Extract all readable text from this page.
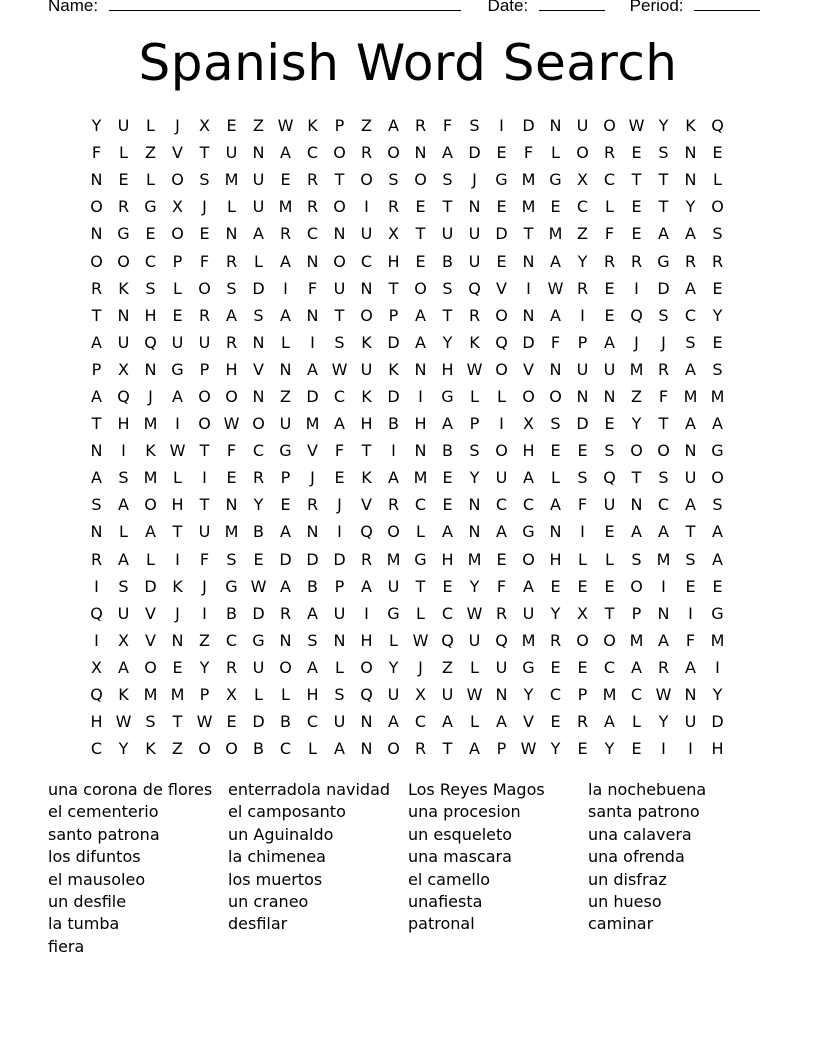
Name:	Date:	Period:
Spanish Word Search
Y	U	L	J	X	E	Z W K	P	Z	A R	F	S	I	D N U O W Y	K Q
F	L	Z	V	T	U N A C O R O N A D E	F	L	O R	E	S N E
N E	L	O S M U	E	R	T O S O S	J	G M G X C	T	T	N	L
O R G X	J	L	U M R O	I	R	E	T	N E M E	C	L	E	T	Y O
N G E O E N A R C N U X	T	U U D T M Z	F	E	A	A	S
O O C	P	F	R	L	A N O C H E	B U	E N A	Y	R R G R R
R	K	S	L	O S D	I	F	U N	T O S Q V	I	W R	E	I	D A	E
T	N H E	R A	S	A N	T O P	A	T	R O N A	I	E Q S	C	Y
A U Q U U R N	L	I	S	K D A	Y	K Q D	F	P	A	J	J	S	E
P	X N G P	H V N A W U K N H W O V N U U M R A	S
A Q	J	A O O N Z D C	K D	I	G	L	L	O O N N Z	F M M
T	H M	I	O W O U M A H B H A	P	I	X	S D E	Y	T	A	A
N	I	K W T	F	C G V	F	T	I	N B	S O H E	E	S O O N G
A	S M L	I	E	R	P	J	E	K	A M E	Y	U A	L	S Q T	S	U O
S	A O H	T	N	Y	E	R	J	V R C	E N C C A	F	U N C A	S
N	L	A	T	U M B	A N	I	Q O	L	A N A G N	I	E	A	A	T	A
R A	L	I	F	S	E D D D R M G H M E O H	L	L	S M S	A
I	S D K	J	G W A	B	P	A U	T	E	Y	F	A	E	E	E O	I	E	E
Q U V	J	I	B D R A U	I	G	L	C W R U	Y	X	T	P	N	I	G
I	X	V N Z C G N S N H	L W Q U Q M R O O M A	F M
X	A O E	Y	R U O A	L	O Y	J	Z	L	U G E	E	C A R A	I
Q K M M P	X	L	L	H S Q U X U W N	Y	C	P M C W N	Y
H W S	T W E D B C U N A C A	L	A	V	E	R A	L	Y	U D
C	Y	K	Z O O B C	L	A N O R	T	A	P W Y	E	Y	E	I	I	H
una corona de flores
el cementerio
santo patrona
los difuntos
el mausoleo
un desfile
la tumba
fiera
enterradola navidad
el camposanto
un Aguinaldo
la chimenea
los muertos
un craneo
desfilar
Los Reyes Magos
una procesion
un esqueleto
una mascara
el camello
unafiesta
patronal
la nochebuena
santa patrono
una calavera
una ofrenda
un disfraz
un hueso
caminar
